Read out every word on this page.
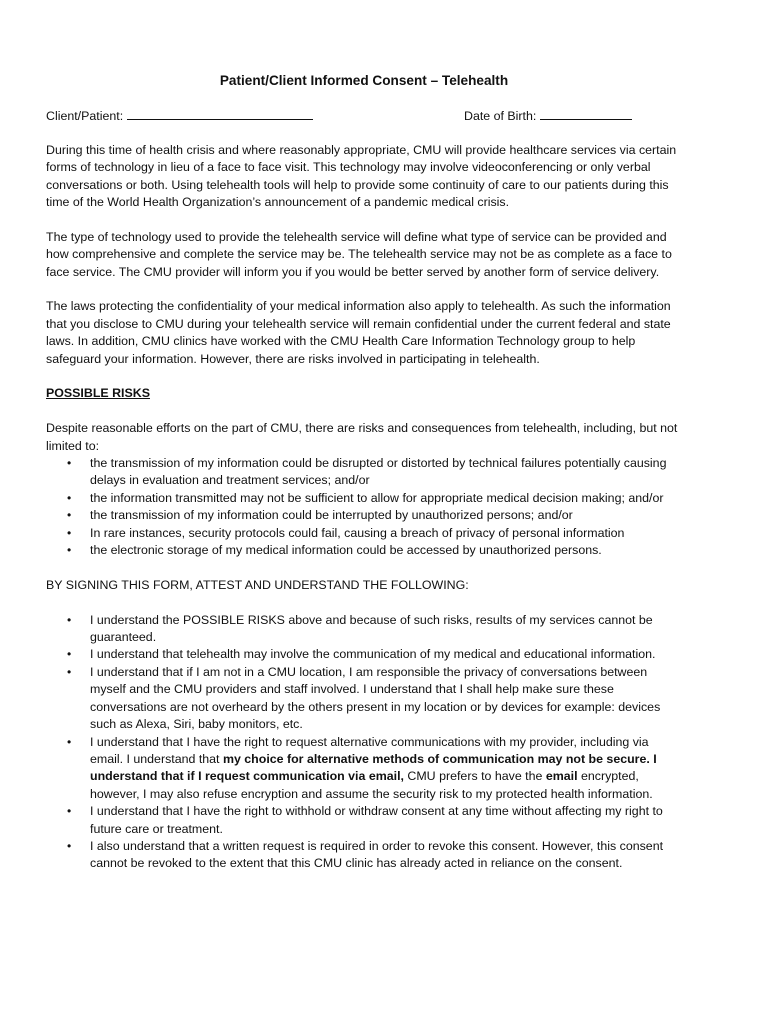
Patient/Client Informed Consent – Telehealth
Client/Patient:	Date of Birth:

During this time of health crisis and where reasonably appropriate, CMU will provide healthcare services via certain forms of technology in lieu of a face to face visit. This technology may involve videoconferencing or only verbal conversations or both. Using telehealth tools will help to provide some continuity of care to our patients during this time of the World Health Organization’s announcement of a pandemic medical crisis.

The type of technology used to provide the telehealth service will define what type of service can be provided and how comprehensive and complete the service may be. The telehealth service may not be as complete as a face to face service. The CMU provider will inform you if you would be better served by another form of service delivery.

The laws protecting the confidentiality of your medical information also apply to telehealth. As such the information that you disclose to CMU during your telehealth service will remain confidential under the current federal and state laws. In addition, CMU clinics have worked with the CMU Health Care Information Technology group to help safeguard your information. However, there are risks involved in participating in telehealth.

POSSIBLE RISKS
Despite reasonable efforts on the part of CMU, there are risks and consequences from telehealth, including, but not limited to:
• the transmission of my information could be disrupted or distorted by technical failures potentially causing delays in evaluation and treatment services; and/or
• the information transmitted may not be sufficient to allow for appropriate medical decision making; and/or
• the transmission of my information could be interrupted by unauthorized persons; and/or
• In rare instances, security protocols could fail, causing a breach of privacy of personal information
• the electronic storage of my medical information could be accessed by unauthorized persons.
BY SIGNING THIS FORM, ATTEST AND UNDERSTAND THE FOLLOWING:
• I understand the POSSIBLE RISKS above and because of such risks, results of my services cannot be guaranteed.
• I understand that telehealth may involve the communication of my medical and educational information.
• I understand that if I am not in a CMU location, I am responsible the privacy of conversations between myself and the CMU providers and staff involved. I understand that I shall help make sure these conversations are not overheard by the others present in my location or by devices for example: devices such as Alexa, Siri, baby monitors, etc.
• I understand that I have the right to request alternative communications with my provider, including via email. I understand that my choice for alternative methods of communication may not be secure. I understand that if I request communication via email, CMU prefers to have the email encrypted, however, I may also refuse encryption and assume the security risk to my protected health information.
• I understand that I have the right to withhold or withdraw consent at any time without affecting my right to future care or treatment.
• I also understand that a written request is required in order to revoke this consent. However, this consent cannot be revoked to the extent that this CMU clinic has already acted in reliance on the consent.
